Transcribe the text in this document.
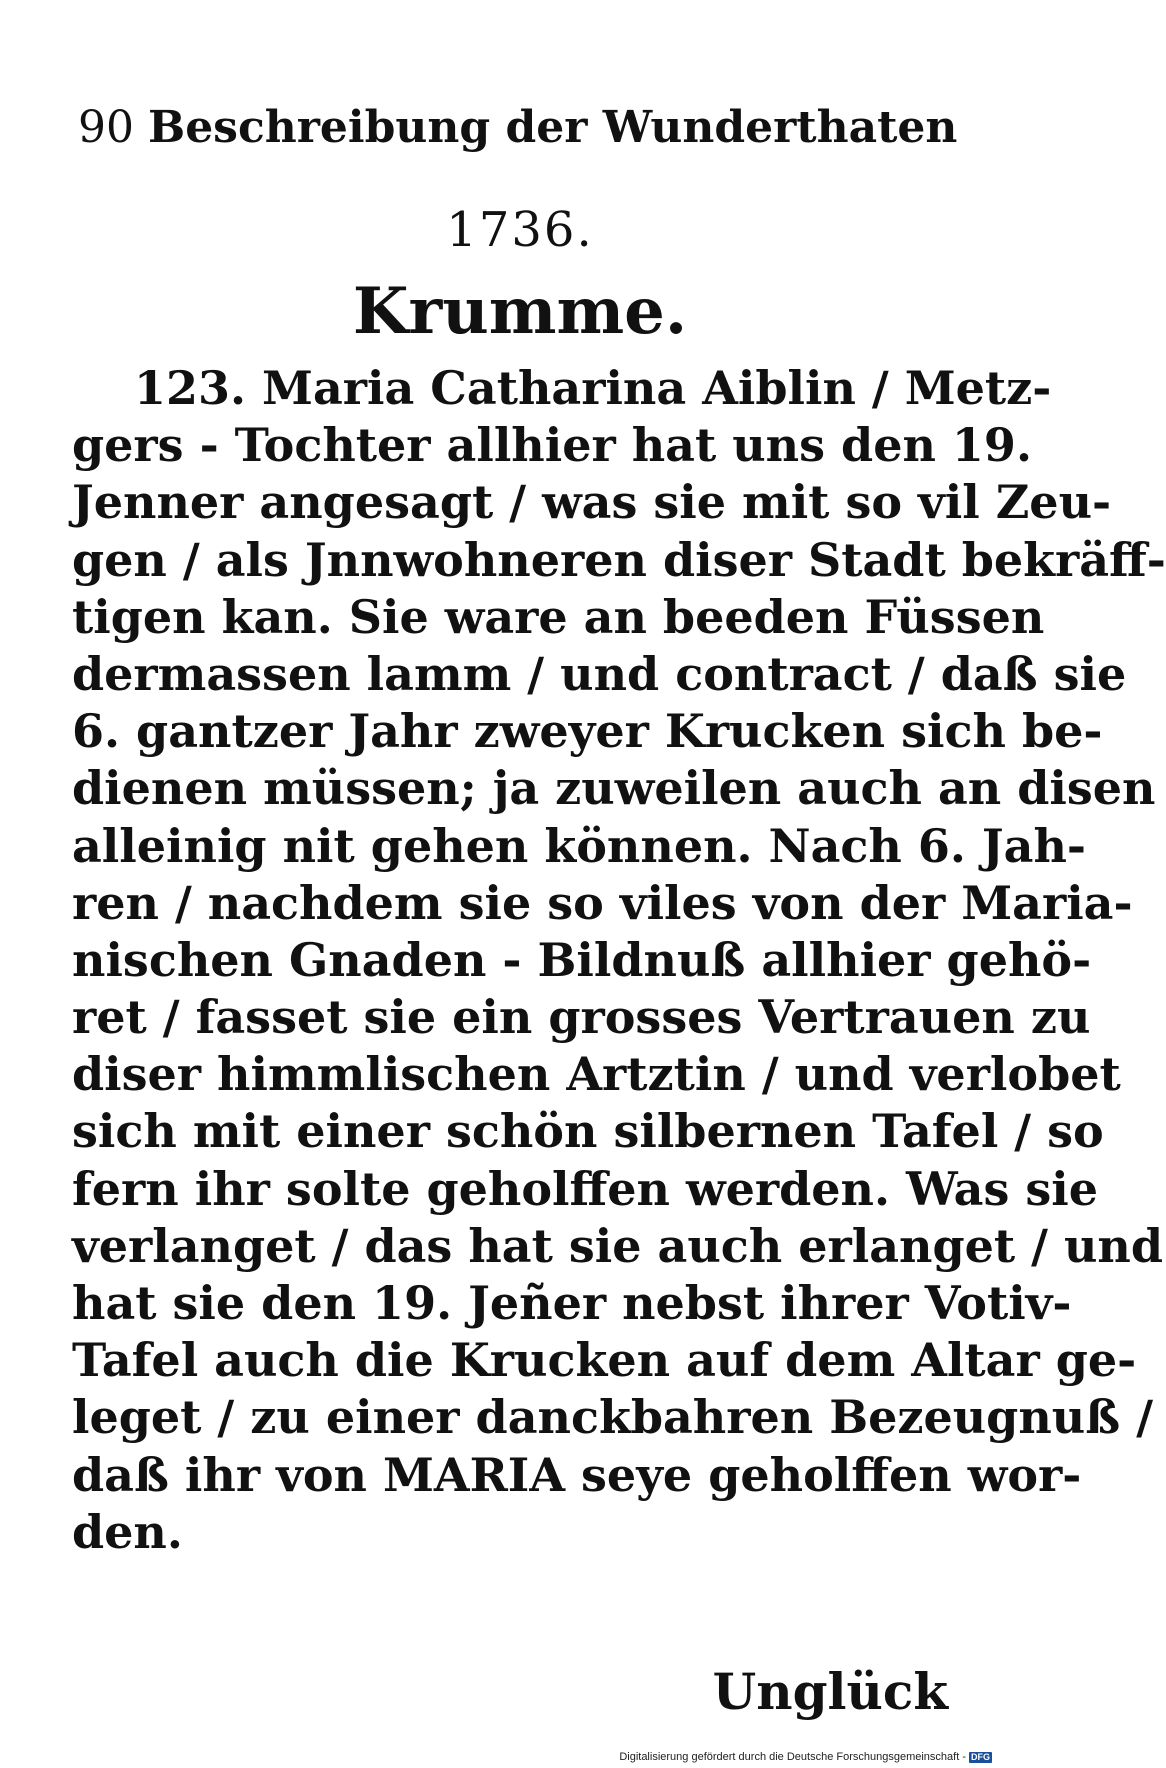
90 Beschreibung der Wunderthaten
1736.
Krumme.
123. Maria Catharina Aiblin / Metz-
gers - Tochter allhier hat uns den 19.
Jenner angesagt / was sie mit so vil Zeu-
gen / als Jnnwohneren diser Stadt bekräff-
tigen kan. Sie ware an beeden Füssen
dermassen lamm / und contract / daß sie
6. gantzer Jahr zweyer Krucken sich be-
dienen müssen; ja zuweilen auch an disen
alleinig nit gehen können. Nach 6. Jah-
ren / nachdem sie so viles von der Maria-
nischen Gnaden - Bildnuß allhier gehö-
ret / fasset sie ein grosses Vertrauen zu
diser himmlischen Artztin / und verlobet
sich mit einer schön silbernen Tafel / so
fern ihr solte geholffen werden. Was sie
verlanget / das hat sie auch erlanget / und
hat sie den 19. Jeñer nebst ihrer Votiv-
Tafel auch die Krucken auf dem Altar ge-
leget / zu einer danckbahren Bezeugnuß /
daß ihr von MARIA seye geholffen wor-
den.
Unglück
Digitalisierung gefördert durch die Deutsche Forschungsgemeinschaft - DFG
